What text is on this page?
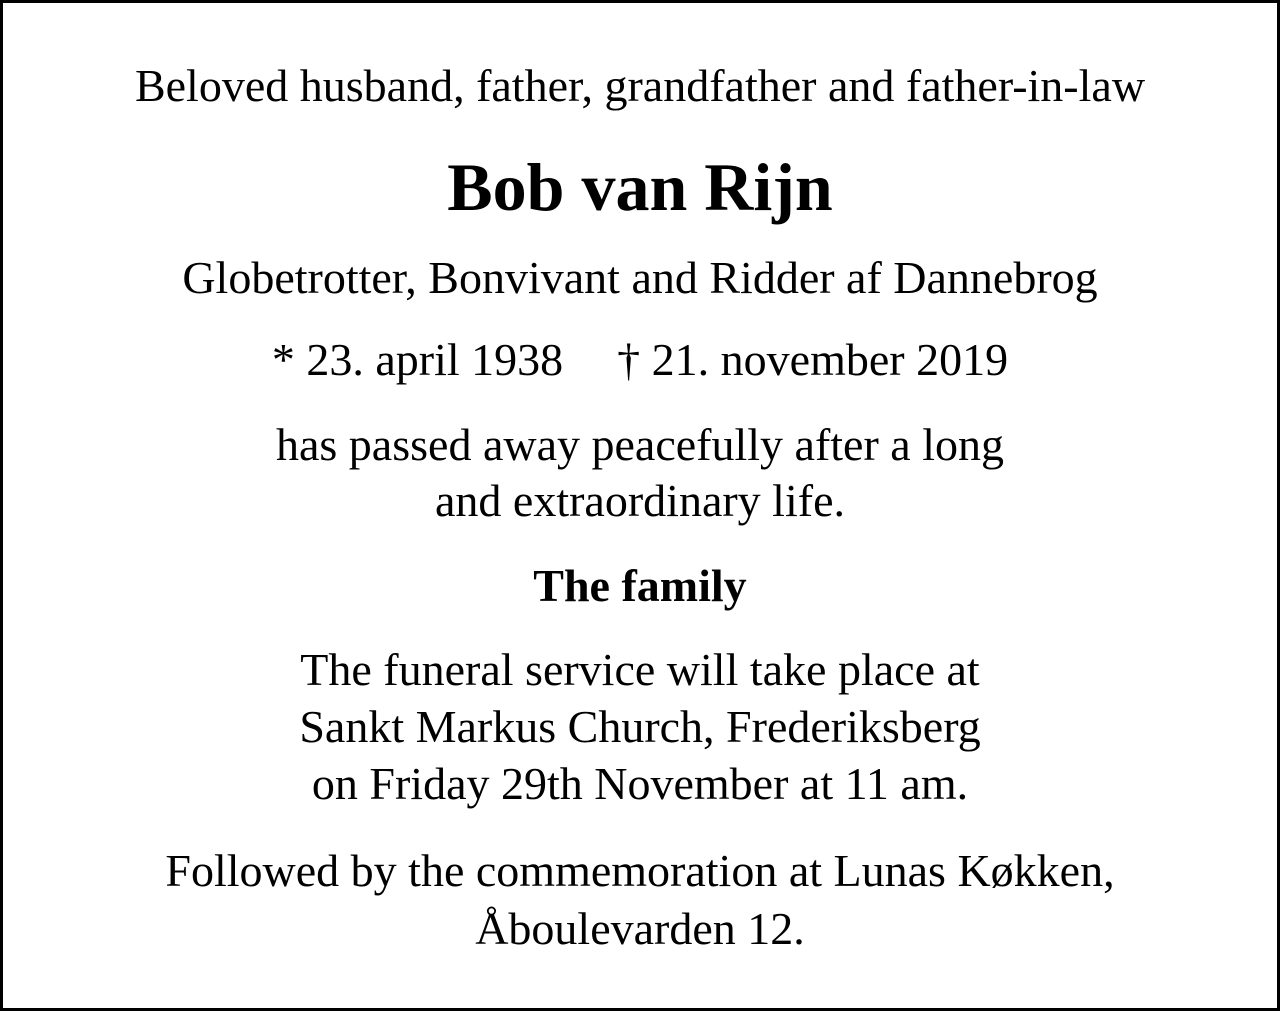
Beloved husband, father, grandfather and father-in-law

Bob van Rijn

Globetrotter, Bonvivant and Ridder af Dannebrog

* 23. april 1938 † 21. november 2019

has passed away peacefully after a long
and extraordinary life.

The family

The funeral service will take place at
Sankt Markus Church, Frederiksberg
on Friday 29th November at 11 am.

Followed by the commemoration at Lunas Køkken,
Åboulevarden 12.
